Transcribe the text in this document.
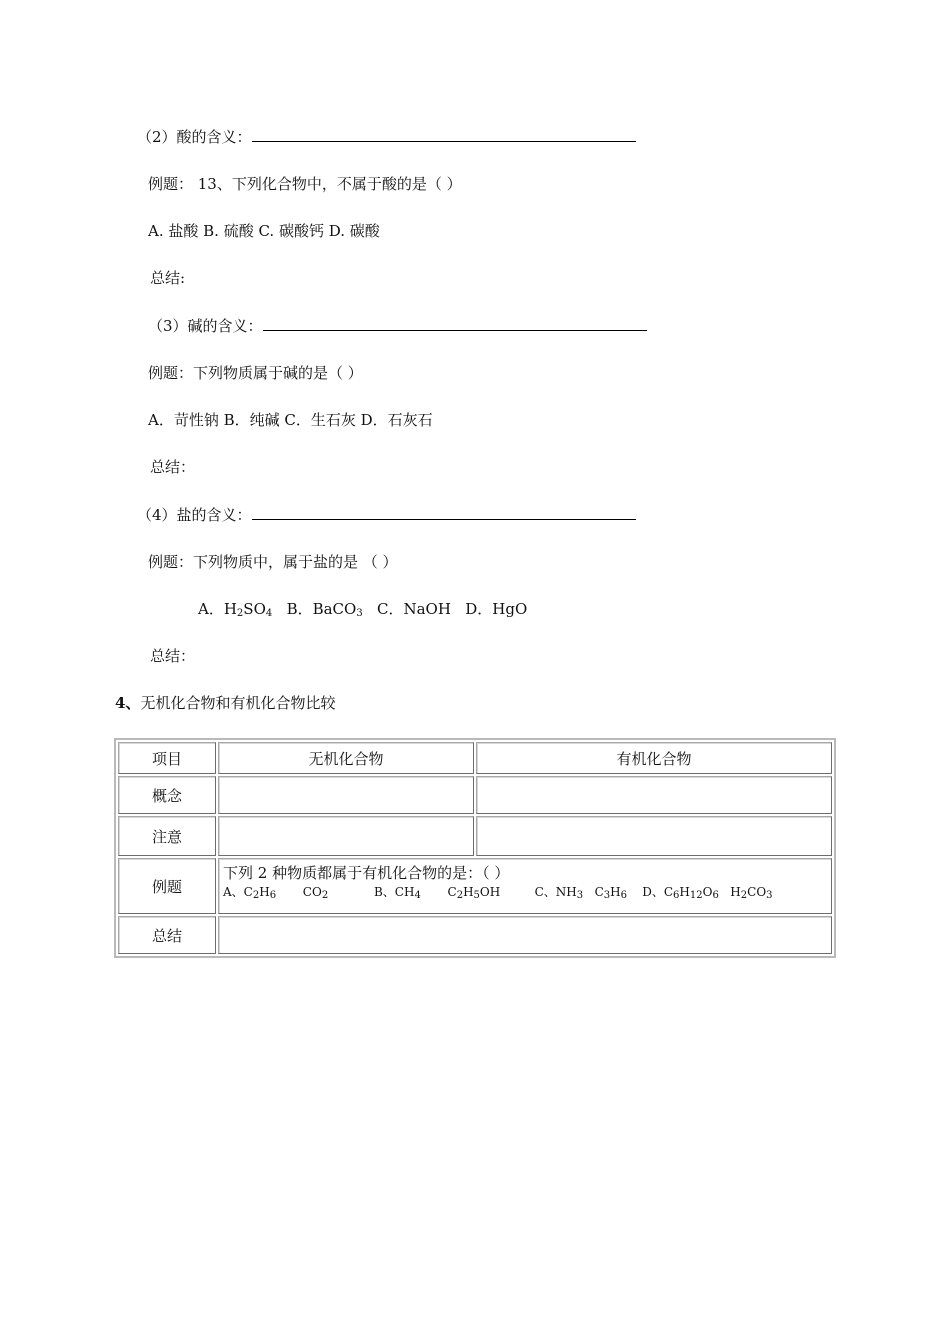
（2）酸的含义：
例题： 13、下列化合物中，不属于酸的是（ ）
A. 盐酸 B. 硫酸 C. 碳酸钙 D. 碳酸
总结:
（3）碱的含义：
例题：下列物质属于碱的是（ ）
A．苛性钠 B．纯碱 C．生石灰 D．石灰石
总结：
（4）盐的含义：
例题：下列物质中，属于盐的是 （ ）
A．$H_2SO_4$ B．BaCO$_3$ C．NaOH D．HgO
总结：
4、无机化合物和有机化合物比较
项目	无机化合物	有机化合物
概念		
注意		
例题	下列 2 种物质都属于有机化合物的是：（ ）
A、$C_2H_6$ $CO_2$ B、$CH_4$ $C_2H_5OH$ C、$NH_3$ $C_3H_6$ D、$C_6H_{12}O_6$ $H_2CO_3$

总结		
